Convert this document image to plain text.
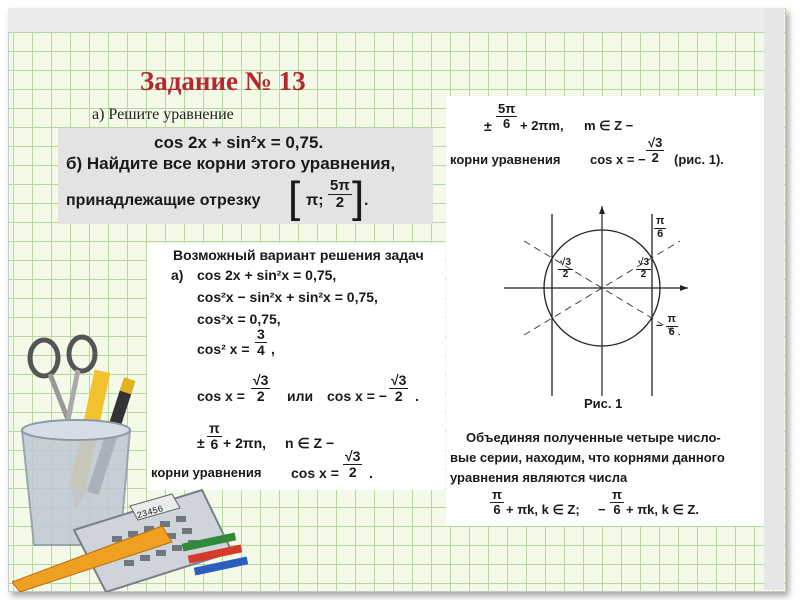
Задание № 13
а) Решите уравнение
cos 2x + sin²x = 0,75.
б) Найдите все корни этого уравнения,
принадлежащие отрезку [ π; $\frac{5\pi}{2}$ ] .
Возможный вариант решения задач
а) cos 2x + sin²x = 0,75,
cos²x − sin²x + sin²x = 0,75,
cos²x = 0,75,
cos² $x = \frac{3}{4}$ ,
$\cos x = \frac{√3}{2}$ или cos x = − $\frac{√3}{2}$ .
± $\frac{\pi}{6} + 2\pi n$, n ∈ Z −
корни уравнения $\cos x = \frac{√3}{2}$ .
± $\frac{5\pi}{6} + 2\pi m$, m ∈ Z −
корни уравнения cos x = − $\frac{√3}{2} (рис$. 1).
$\frac{\pi}{6}$
$\frac{√3}{2}$	$\frac{√3}{2}$
− $\frac{\pi}{6}$
Рис. 1
Объединяя полученные четыре число-
вые серии, находим, что корнями данного
уравнения являются числа
$\frac{\pi}{6} + \pi k$, k ∈ Z; − $\frac{\pi}{6} + \pi k$, k ∈ Z.
23456
